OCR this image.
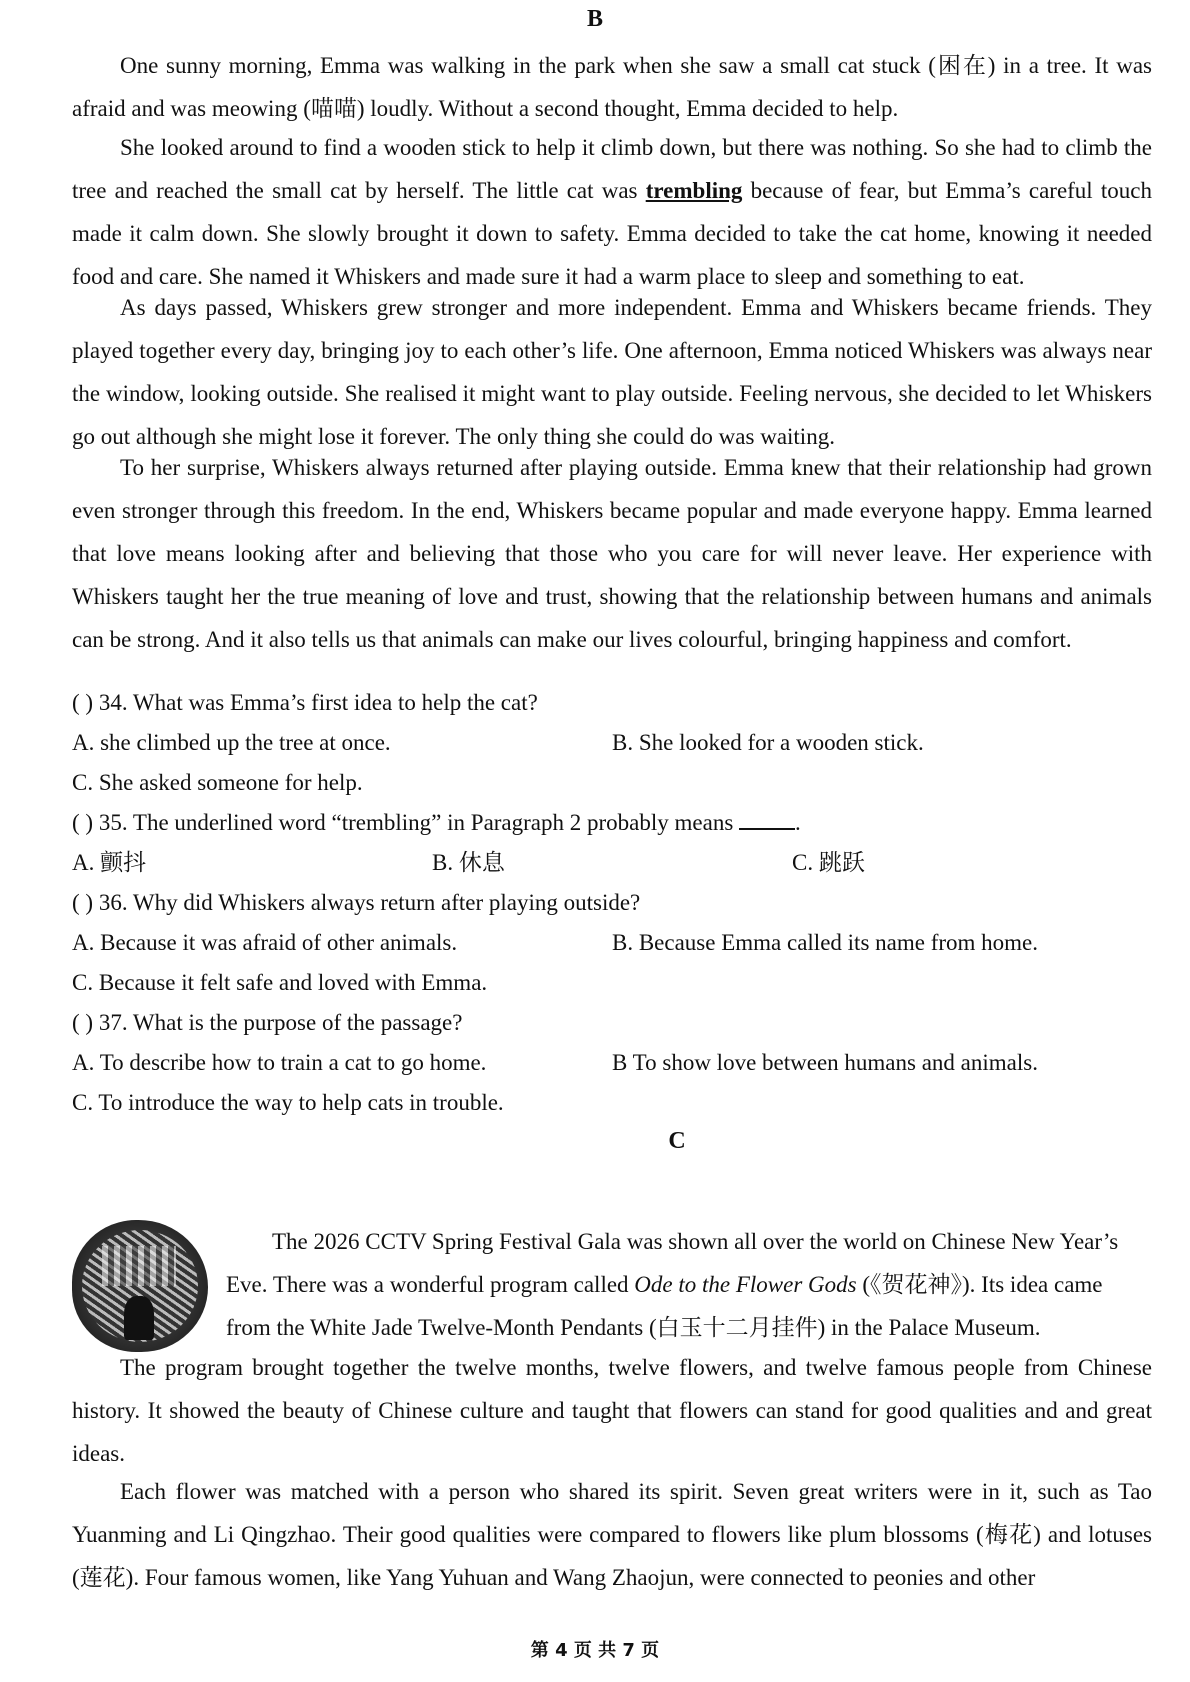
B

One sunny morning, Emma was walking in the park when she saw a small cat stuck (困在) in a tree. It was afraid and was meowing (喵喵) loudly. Without a second thought, Emma decided to help.

She looked around to find a wooden stick to help it climb down, but there was nothing. So she had to climb the tree and reached the small cat by herself. The little cat was trembling because of fear, but Emma’s careful touch made it calm down. She slowly brought it down to safety. Emma decided to take the cat home, knowing it needed food and care. She named it Whiskers and made sure it had a warm place to sleep and something to eat.

As days passed, Whiskers grew stronger and more independent. Emma and Whiskers became friends. They played together every day, bringing joy to each other’s life. One afternoon, Emma noticed Whiskers was always near the window, looking outside. She realised it might want to play outside. Feeling nervous, she decided to let Whiskers go out although she might lose it forever. The only thing she could do was waiting.

To her surprise, Whiskers always returned after playing outside. Emma knew that their relationship had grown even stronger through this freedom. In the end, Whiskers became popular and made everyone happy. Emma learned that love means looking after and believing that those who you care for will never leave. Her experience with Whiskers taught her the true meaning of love and trust, showing that the relationship between humans and animals can be strong. And it also tells us that animals can make our lives colourful, bringing happiness and comfort.

( ) 34. What was Emma’s first idea to help the cat?
A. she climbed up the tree at once.	B. She looked for a wooden stick.
C. She asked someone for help.
( ) 35. The underlined word “trembling” in Paragraph 2 probably means	.
A. 颤抖	B. 休息	C. 跳跃
( ) 36. Why did Whiskers always return after playing outside?
A. Because it was afraid of other animals.	B. Because Emma called its name from home.
C. Because it felt safe and loved with Emma.
( ) 37. What is the purpose of the passage?
A. To describe how to train a cat to go home.	B To show love between humans and animals.
C. To introduce the way to help cats in trouble.
C
The 2026 CCTV Spring Festival Gala was shown all over the world on Chinese New Year’s
Eve. There was a wonderful program called Ode to the Flower Gods (《贺花神》). Its idea came
from the White Jade Twelve-Month Pendants (白玉十二月挂件) in the Palace Museum.

The program brought together the twelve months, twelve flowers, and twelve famous people from Chinese history. It showed the beauty of Chinese culture and taught that flowers can stand for good qualities and and great ideas.

Each flower was matched with a person who shared its spirit. Seven great writers were in it, such as Tao Yuanming and Li Qingzhao. Their good qualities were compared to flowers like plum blossoms (梅花) and lotuses (莲花). Four famous women, like Yang Yuhuan and Wang Zhaojun, were connected to peonies and other

第 4 页 共 7 页
